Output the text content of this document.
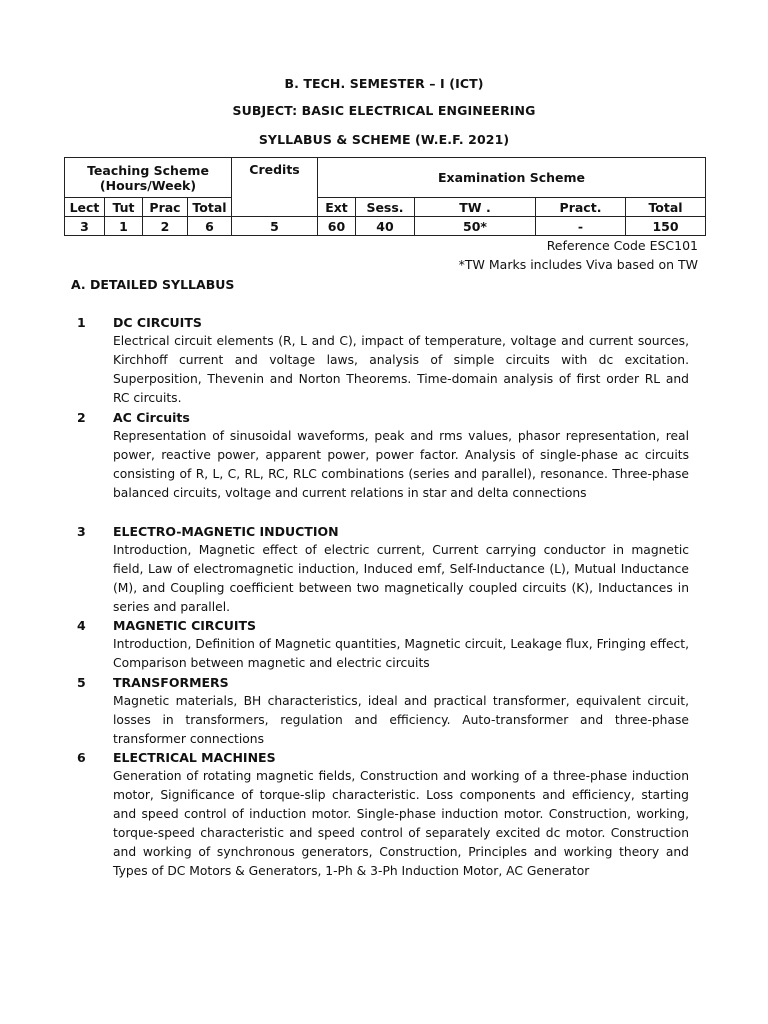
B. TECH. SEMESTER – I (ICT)
SUBJECT: BASIC ELECTRICAL ENGINEERING
SYLLABUS & SCHEME (W.E.F. 2021)
Teaching Scheme (Hours/Week)				Credits	Examination Scheme				
Lect	Tut	Prac	Total		Ext	Sess.	TW .	Pract.	Total
3	1	2	6	5	60	40	50*	-	150
Reference Code ESC101
*TW Marks includes Viva based on TW
A. DETAILED SYLLABUS
1 DC CIRCUITS
Electrical circuit elements (R, L and C), impact of temperature, voltage and current sources, Kirchhoff current and voltage laws, analysis of simple circuits with dc excitation. Superposition, Thevenin and Norton Theorems. Time-domain analysis of first order RL and RC circuits.
2 AC Circuits
Representation of sinusoidal waveforms, peak and rms values, phasor representation, real power, reactive power, apparent power, power factor. Analysis of single-phase ac circuits consisting of R, L, C, RL, RC, RLC combinations (series and parallel), resonance. Three-phase balanced circuits, voltage and current relations in star and delta connections
3 ELECTRO-MAGNETIC INDUCTION
Introduction, Magnetic effect of electric current, Current carrying conductor in magnetic field, Law of electromagnetic induction, Induced emf, Self-Inductance (L), Mutual Inductance (M), and Coupling coefficient between two magnetically coupled circuits (K), Inductances in series and parallel.
4 MAGNETIC CIRCUITS
Introduction, Definition of Magnetic quantities, Magnetic circuit, Leakage flux, Fringing effect, Comparison between magnetic and electric circuits
5 TRANSFORMERS
Magnetic materials, BH characteristics, ideal and practical transformer, equivalent circuit, losses in transformers, regulation and efficiency. Auto-transformer and three-phase transformer connections
6 ELECTRICAL MACHINES
Generation of rotating magnetic fields, Construction and working of a three-phase induction motor, Significance of torque-slip characteristic. Loss components and efficiency, starting and speed control of induction motor. Single-phase induction motor. Construction, working, torque-speed characteristic and speed control of separately excited dc motor. Construction and working of synchronous generators, Construction, Principles and working theory and Types of DC Motors & Generators, 1-Ph & 3-Ph Induction Motor, AC Generator
